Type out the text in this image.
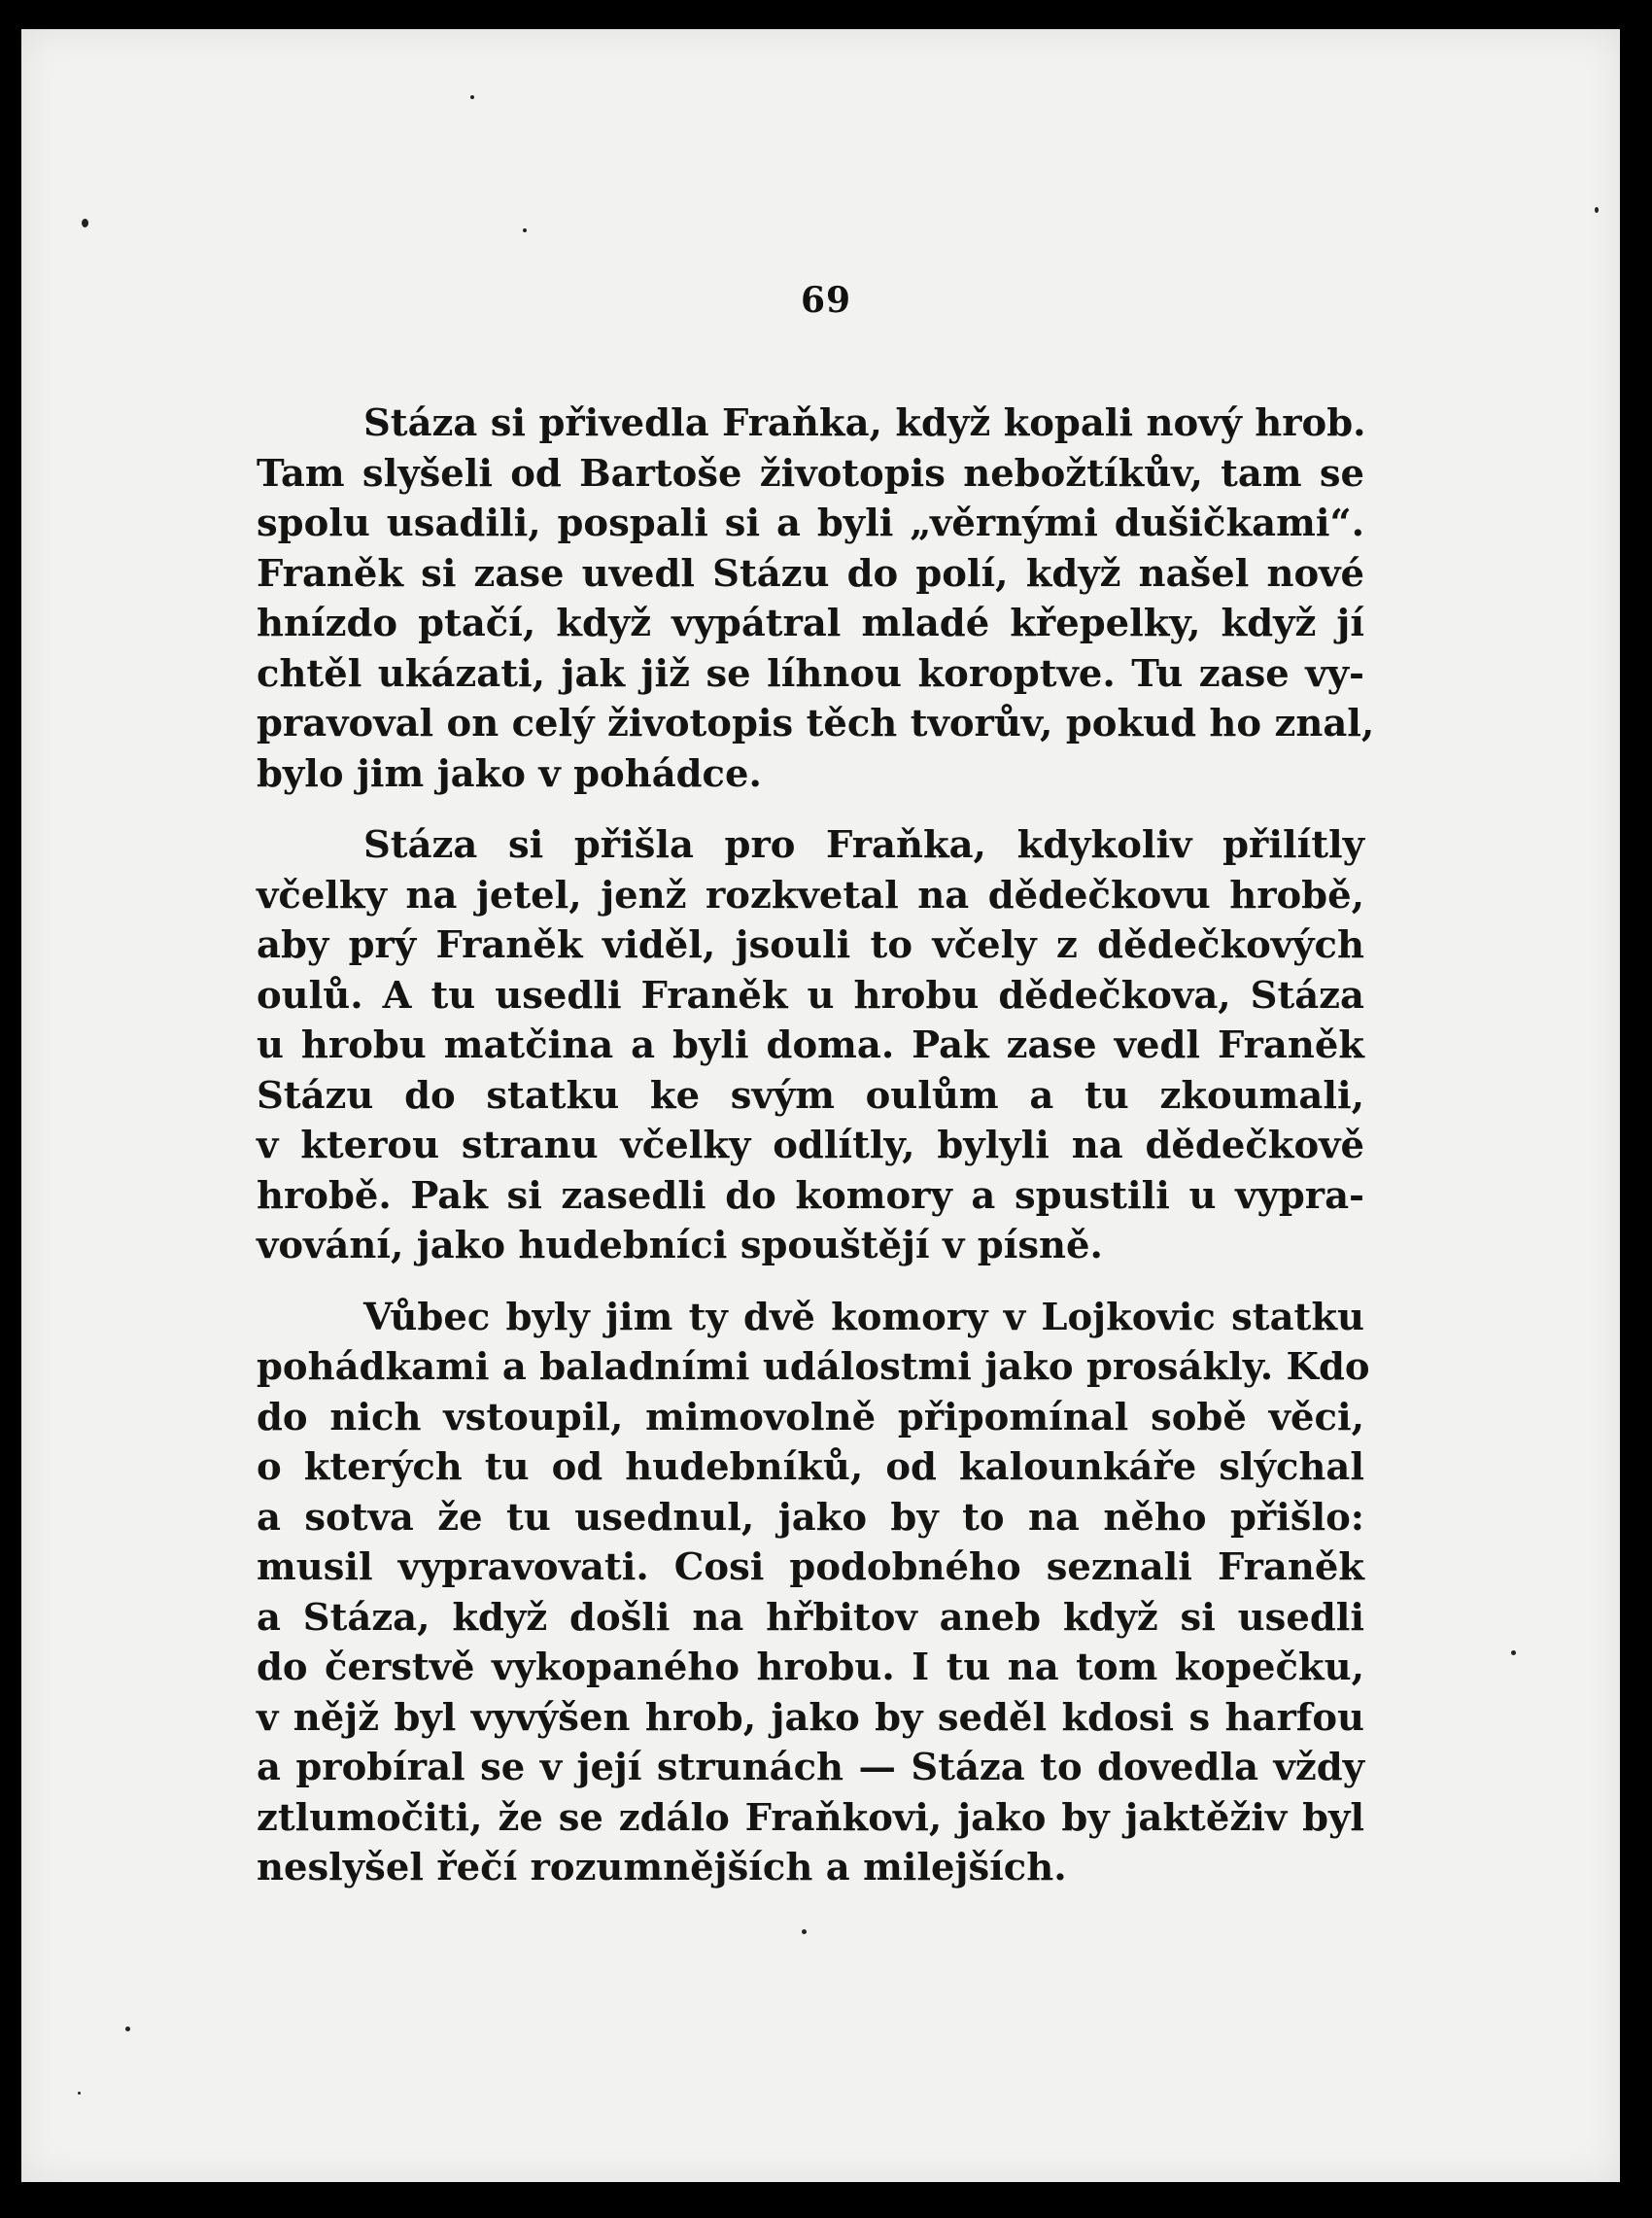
69
Stáza si přivedla Fraňka, když kopali nový hrob.
Tam slyšeli od Bartoše životopis nebožtíkův, tam se
spolu usadili, pospali si a byli „věrnými dušičkami“.
Franěk si zase uvedl Stázu do polí, když našel nové
hnízdo ptačí, když vypátral mladé křepelky, když jí
chtěl ukázati, jak již se líhnou koroptve. Tu zase vy-
pravoval on celý životopis těch tvorův, pokud ho znal,
bylo jim jako v pohádce.
Stáza si přišla pro Fraňka, kdykoliv přilítly
včelky na jetel, jenž rozkvetal na dědečkovu hrobě,
aby prý Franěk viděl, jsouli to včely z dědečkových
oulů. A tu usedli Franěk u hrobu dědečkova, Stáza
u hrobu matčina a byli doma. Pak zase vedl Franěk
Stázu do statku ke svým oulům a tu zkoumali,
v kterou stranu včelky odlítly, bylyli na dědečkově
hrobě. Pak si zasedli do komory a spustili u vypra-
vování, jako hudebníci spouštějí v písně.
Vůbec byly jim ty dvě komory v Lojkovic statku
pohádkami a baladními událostmi jako prosákly. Kdo
do nich vstoupil, mimovolně připomínal sobě věci,
o kterých tu od hudebníků, od kalounkáře slýchal
a sotva že tu usednul, jako by to na něho přišlo:
musil vypravovati. Cosi podobného seznali Franěk
a Stáza, když došli na hřbitov aneb když si usedli
do čerstvě vykopaného hrobu. I tu na tom kopečku,
v nějž byl vyvýšen hrob, jako by seděl kdosi s harfou
a probíral se v její strunách — Stáza to dovedla vždy
ztlumočiti, že se zdálo Fraňkovi, jako by jaktěživ byl
neslyšel řečí rozumnějších a milejších.
